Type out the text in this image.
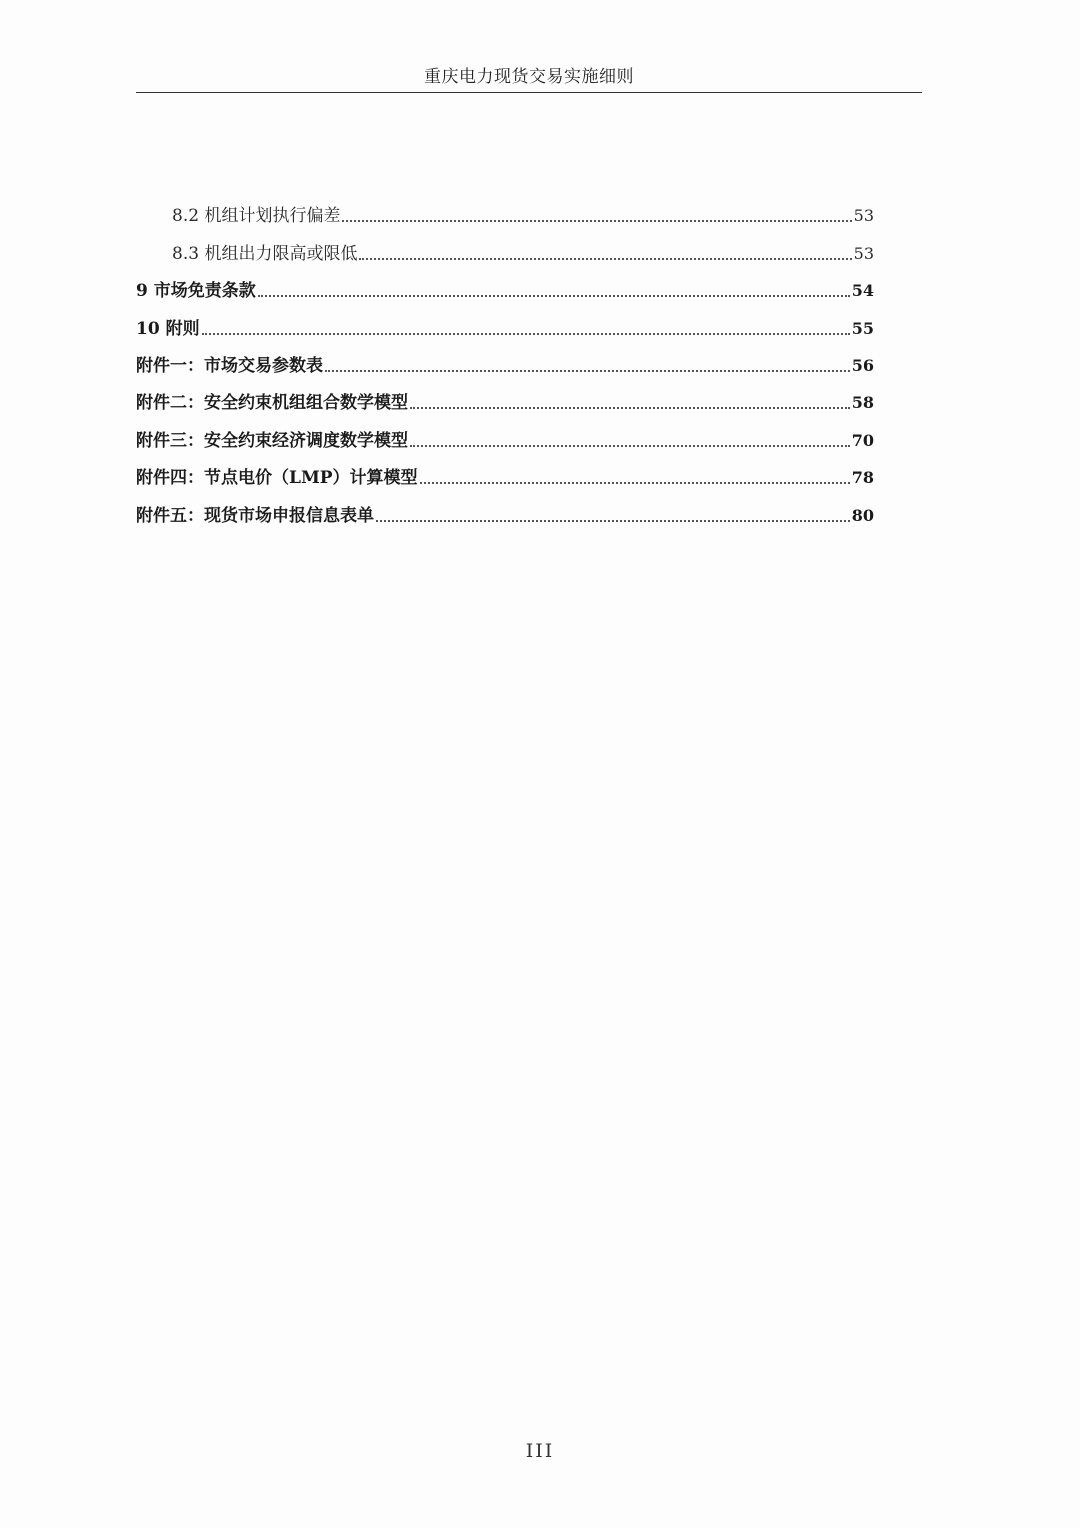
重庆电力现货交易实施细则
8.2 机组计划执行偏差	53
8.3 机组出力限高或限低	53
9 市场免责条款	54
10 附则	55
附件一：市场交易参数表	56
附件二：安全约束机组组合数学模型	58
附件三：安全约束经济调度数学模型	70
附件四：节点电价（LMP）计算模型	78
附件五：现货市场申报信息表单	80
III
